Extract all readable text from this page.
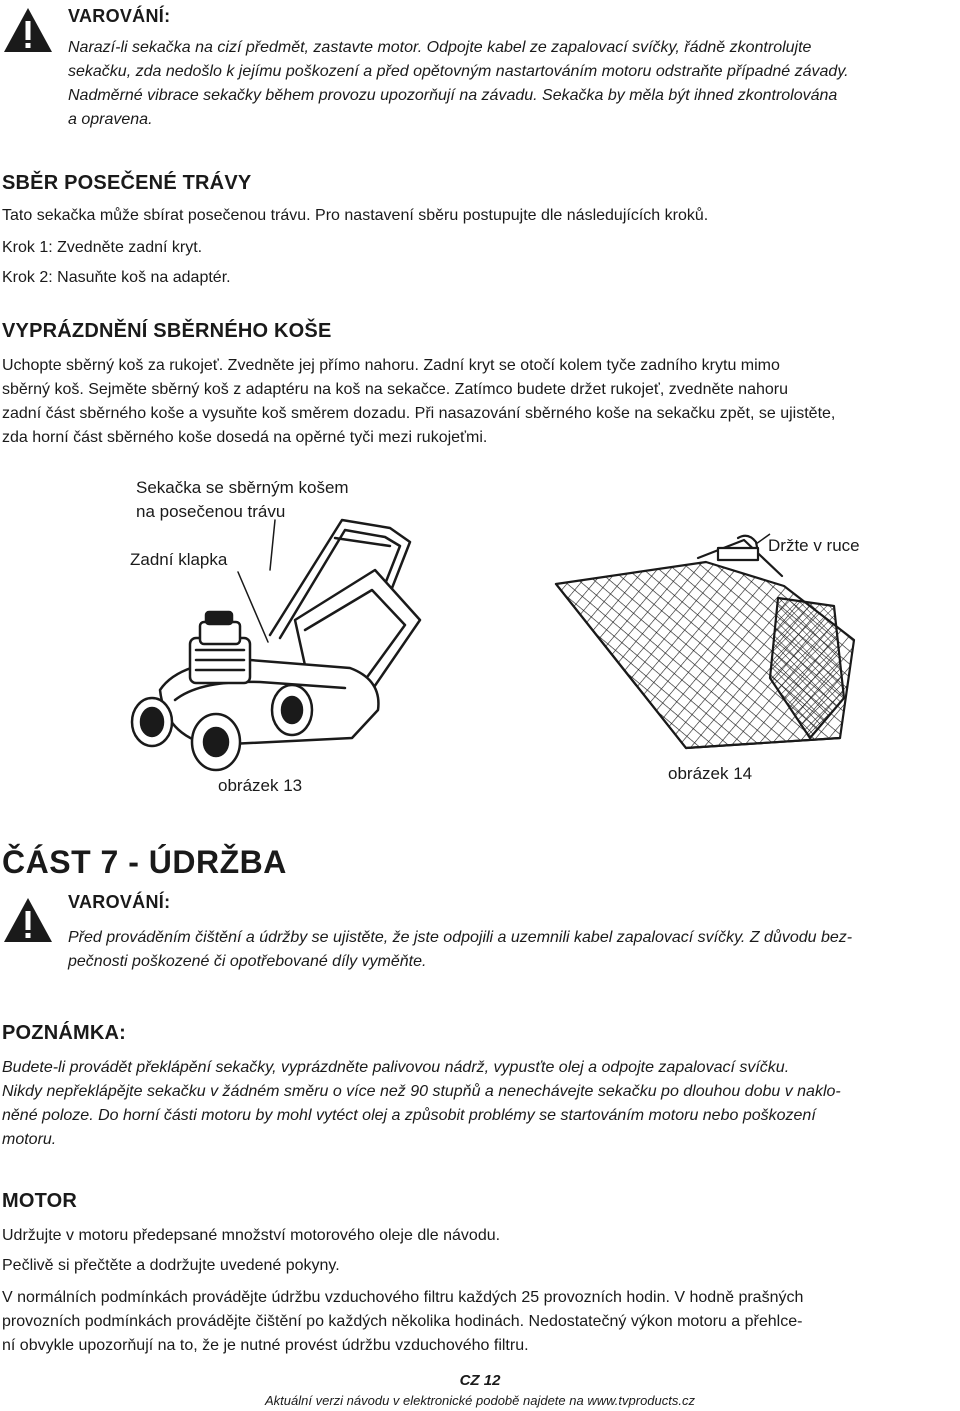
VAROVÁNÍ:
Narazí-li sekačka na cizí předmět, zastavte motor. Odpojte kabel ze zapalovací svíčky, řádně zkontrolujte
sekačku, zda nedošlo k jejímu poškození a před opětovným nastartováním motoru odstraňte případné závady.
Nadměrné vibrace sekačky během provozu upozorňují na závadu. Sekačka by měla být ihned zkontrolována
a opravena.
SBĚR POSEČENÉ TRÁVY
Tato sekačka může sbírat posečenou trávu. Pro nastavení sběru postupujte dle následujících kroků.
Krok 1: Zvedněte zadní kryt.
Krok 2: Nasuňte koš na adaptér.
VYPRÁZDNĚNÍ SBĚRNÉHO KOŠE
Uchopte sběrný koš za rukojeť. Zvedněte jej přímo nahoru. Zadní kryt se otočí kolem tyče zadního krytu mimo
sběrný koš. Sejměte sběrný koš z adaptéru na koš na sekačce. Zatímco budete držet rukojeť, zvedněte nahoru
zadní část sběrného koše a vysuňte koš směrem dozadu. Při nasazování sběrného koše na sekačku zpět, se ujistěte,
zda horní část sběrného koše dosedá na opěrné tyči mezi rukojeťmi.
Sekačka se sběrným košem
na posečenou trávu
Zadní klapka
Držte v ruce
obrázek 13
obrázek 14
ČÁST 7 - ÚDRŽBA
VAROVÁNÍ:
Před prováděním čištění a údržby se ujistěte, že jste odpojili a uzemnili kabel zapalovací svíčky. Z důvodu bez-
pečnosti poškozené či opotřebované díly vyměňte.
POZNÁMKA:
Budete-li provádět překlápění sekačky, vyprázdněte palivovou nádrž, vypusťte olej a odpojte zapalovací svíčku.
Nikdy nepřeklápějte sekačku v žádném směru o více než 90 stupňů a nenechávejte sekačku po dlouhou dobu v naklo-
něné poloze. Do horní části motoru by mohl vytéct olej a způsobit problémy se startováním motoru nebo poškození
motoru.
MOTOR
Udržujte v motoru předepsané množství motorového oleje dle návodu.
Pečlivě si přečtěte a dodržujte uvedené pokyny.
V normálních podmínkách provádějte údržbu vzduchového filtru každých 25 provozních hodin. V hodně prašných
provozních podmínkách provádějte čištění po každých několika hodinách. Nedostatečný výkon motoru a přehlce-
ní obvykle upozorňují na to, že je nutné provést údržbu vzduchového filtru.
CZ 12
Aktuální verzi návodu v elektronické podobě najdete na www.tvproducts.cz
